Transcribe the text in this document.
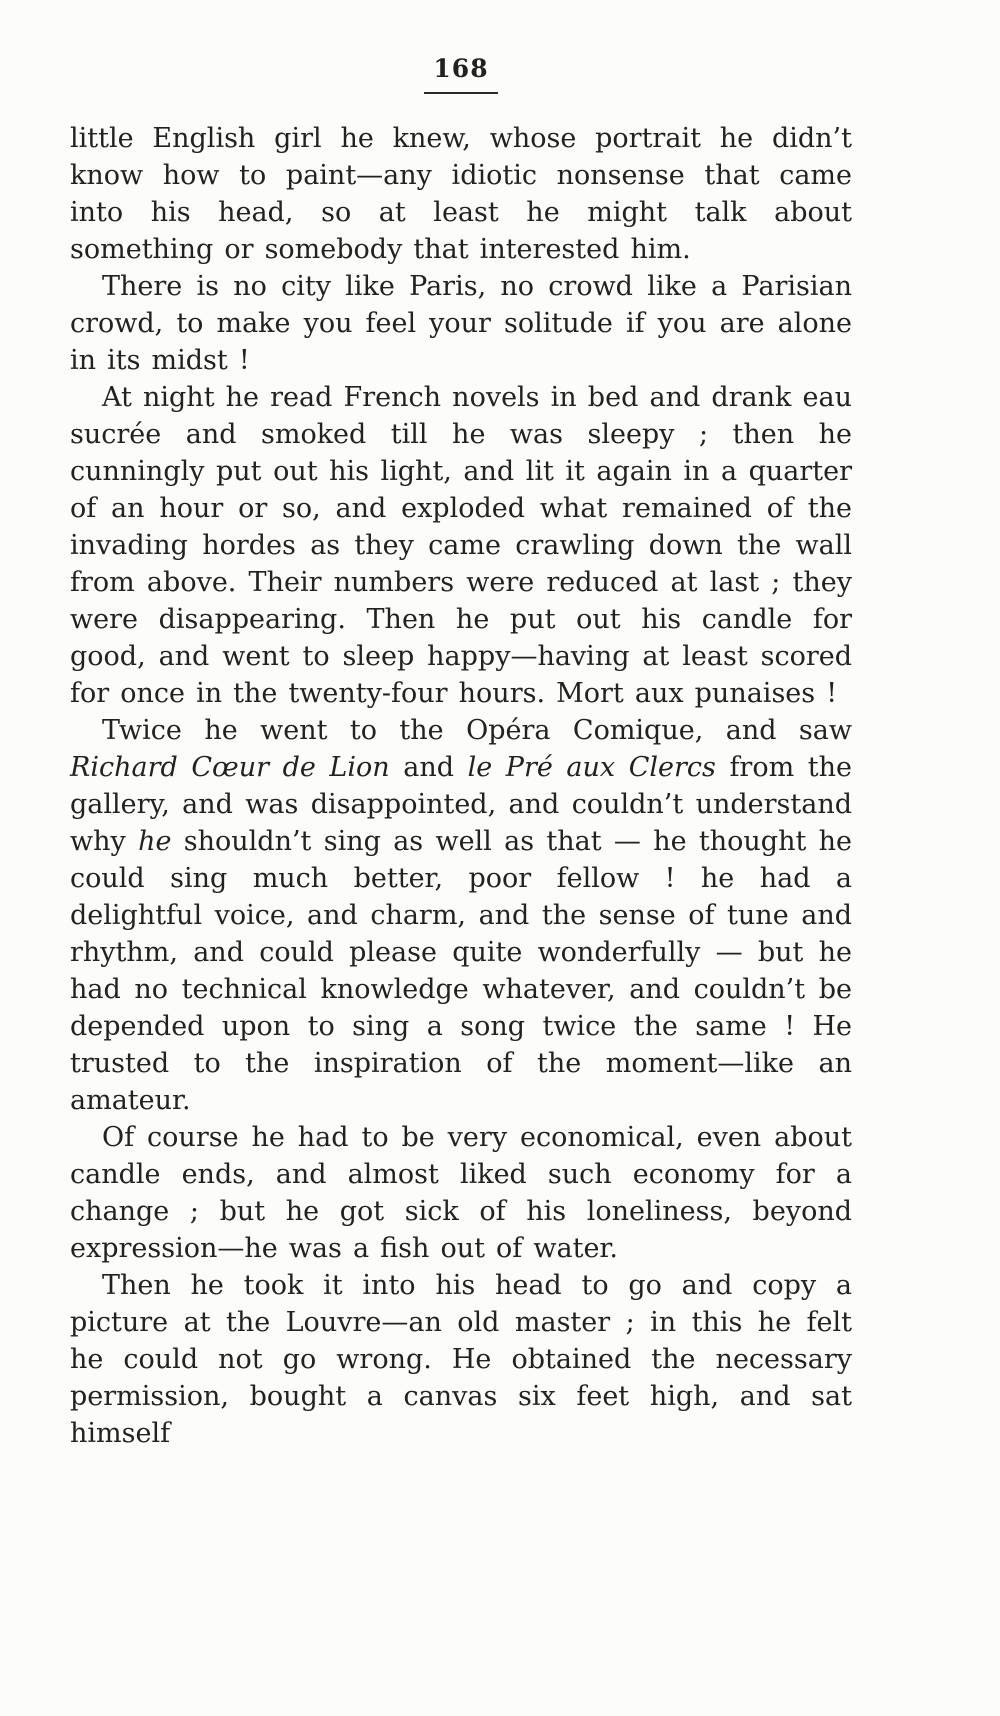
168

little English girl he knew, whose portrait he didn’t know how to paint—any idiotic nonsense that came into his head, so at least he might talk about something or somebody that interested him.

There is no city like Paris, no crowd like a Parisian crowd, to make you feel your solitude if you are alone in its midst !

At night he read French novels in bed and drank eau sucrée and smoked till he was sleepy ; then he cunningly put out his light, and lit it again in a quarter of an hour or so, and exploded what remained of the invading hordes as they came crawling down the wall from above. Their numbers were reduced at last ; they were disappearing. Then he put out his candle for good, and went to sleep happy—having at least scored for once in the twenty-four hours. Mort aux punaises !

Twice he went to the Opéra Comique, and saw Richard Cœur de Lion and le Pré aux Clercs from the gallery, and was disappointed, and couldn’t understand why he shouldn’t sing as well as that — he thought he could sing much better, poor fellow ! he had a delightful voice, and charm, and the sense of tune and rhythm, and could please quite wonderfully — but he had no technical knowledge whatever, and couldn’t be depended upon to sing a song twice the same ! He trusted to the inspiration of the moment—like an amateur.

Of course he had to be very economical, even about candle ends, and almost liked such economy for a change ; but he got sick of his loneliness, beyond expression—he was a fish out of water.

Then he took it into his head to go and copy a picture at the Louvre—an old master ; in this he felt he could not go wrong. He obtained the necessary permission, bought a canvas six feet high, and sat himself
